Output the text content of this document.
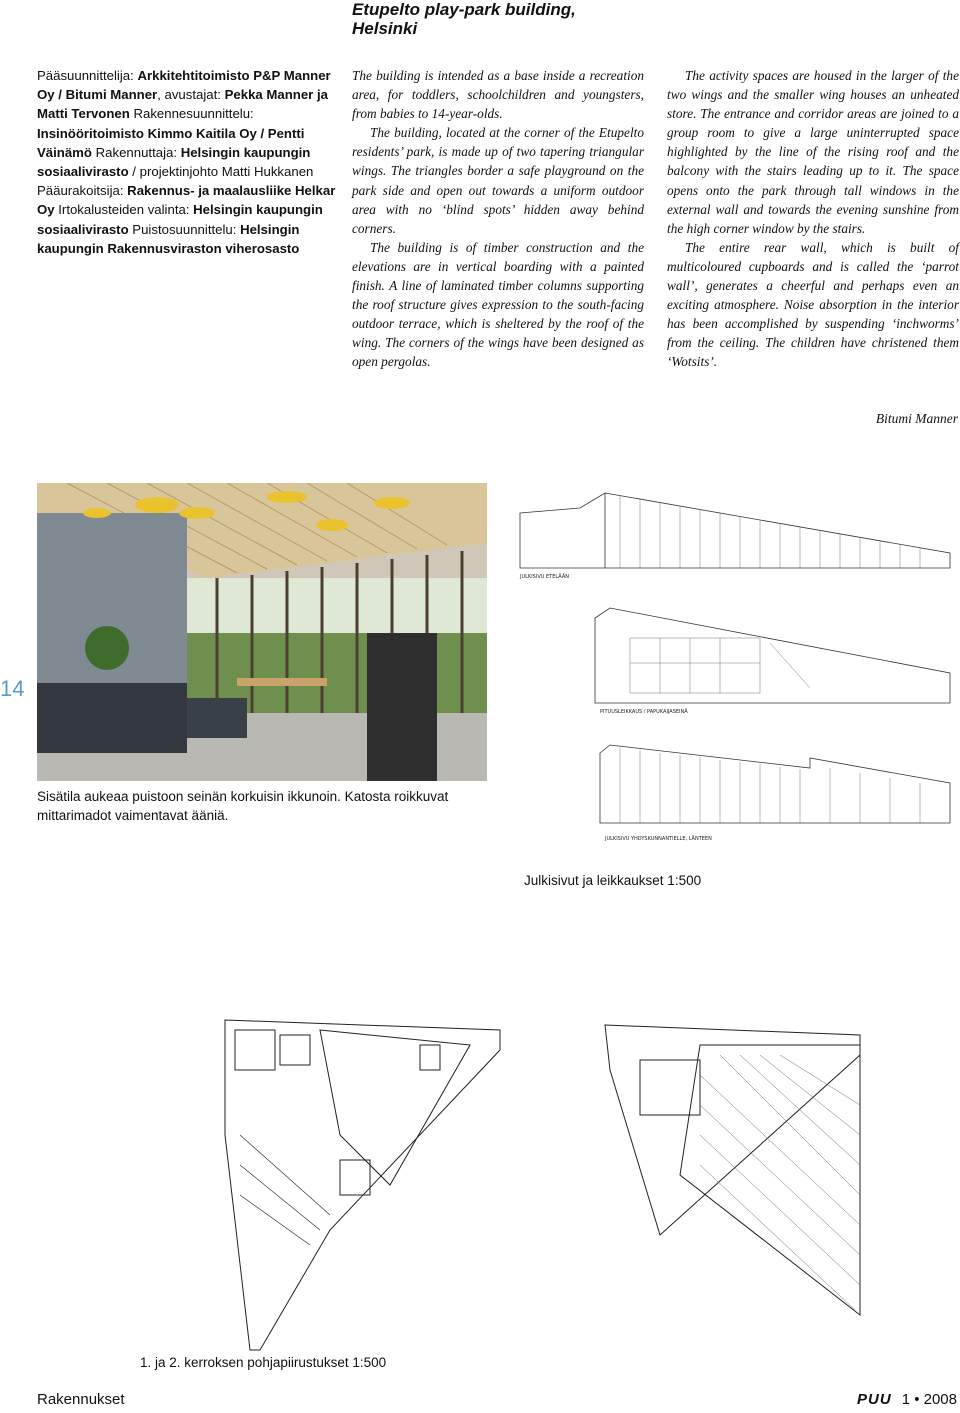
Etupelto play-park building,
Helsinki
Pääsuunnittelija: Arkkitehtitoimisto P&P Manner Oy / Bitumi Manner, avustajat: Pekka Manner ja Matti Tervonen Rakennesuunnittelu: Insinööritoimisto Kimmo Kaitila Oy / Pentti Väinämö Rakennuttaja: Helsingin kaupungin sosiaalivirasto / projektinjohto Matti Hukkanen Pääurakoitsija: Rakennus- ja maalausliike Helkar Oy Irtokalusteiden valinta: Helsingin kaupungin sosiaalivirasto Puistosuunnittelu: Helsingin kaupungin Rakennusviraston viherosasto

The building is intended as a base inside a recreation area, for toddlers, schoolchildren and youngsters, from babies to 14-year-olds.

The building, located at the corner of the Etupelto residents’ park, is made up of two tapering triangular wings. The triangles border a safe playground on the park side and open out towards a uniform outdoor area with no ‘blind spots’ hidden away behind corners.

The building is of timber construction and the elevations are in vertical boarding with a painted finish. A line of laminated timber columns supporting the roof structure gives expression to the south-facing outdoor terrace, which is sheltered by the roof of the wing. The corners of the wings have been designed as open pergolas.

The activity spaces are housed in the larger of the two wings and the smaller wing houses an unheated store. The entrance and corridor areas are joined to a group room to give a large uninterrupted space highlighted by the line of the rising roof and the balcony with the stairs leading up to it. The space opens onto the park through tall windows in the external wall and towards the evening sunshine from the high corner window by the stairs.

The entire rear wall, which is built of multicoloured cupboards and is called the ‘parrot wall’, generates a cheerful and perhaps even an exciting atmosphere. Noise absorption in the interior has been accomplished by suspending ‘inchworms’ from the ceiling. The children have christened them ‘Wotsits’.

Bitumi Manner
14
Sisätila aukeaa puistoon seinän korkuisin ikkunoin. Katosta roikkuvat mittarimadot vaimentavat ääniä.
JULKISIVU ETELÄÄN
PITUUSLEIKKAUS / PAPUKAIJASEINÄ
JULKISIVU YHDYSKUNNANTIELLE, LÄNTEEN
Julkisivut ja leikkaukset 1:500
1. ja 2. kerroksen pohjapiirustukset 1:500
Rakennukset	PUU 1 • 2008
